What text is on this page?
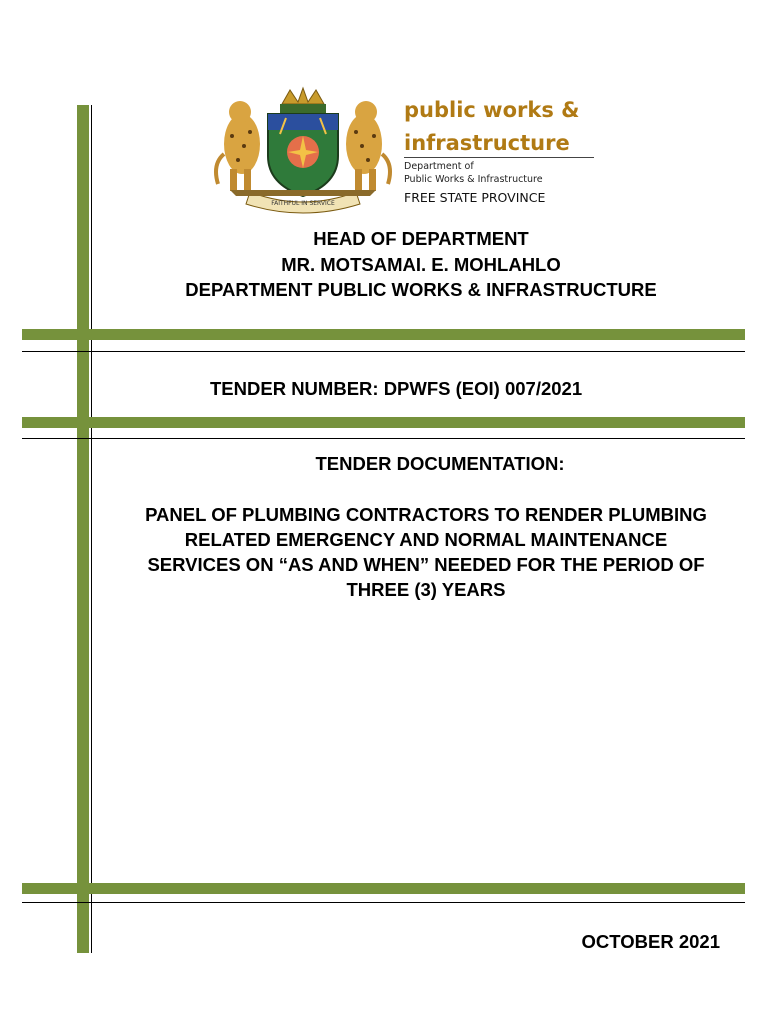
FAITHFUL IN SERVICE
public works &
infrastructure
Department of
Public Works & Infrastructure
FREE STATE PROVINCE
HEAD OF DEPARTMENT
MR. MOTSAMAI. E. MOHLAHLO
DEPARTMENT PUBLIC WORKS & INFRASTRUCTURE
TENDER NUMBER: DPWFS (EOI) 007/2021
TENDER DOCUMENTATION:
PANEL OF PLUMBING CONTRACTORS TO RENDER PLUMBING
RELATED EMERGENCY AND NORMAL MAINTENANCE
SERVICES ON “AS AND WHEN” NEEDED FOR THE PERIOD OF
THREE (3) YEARS
OCTOBER 2021
